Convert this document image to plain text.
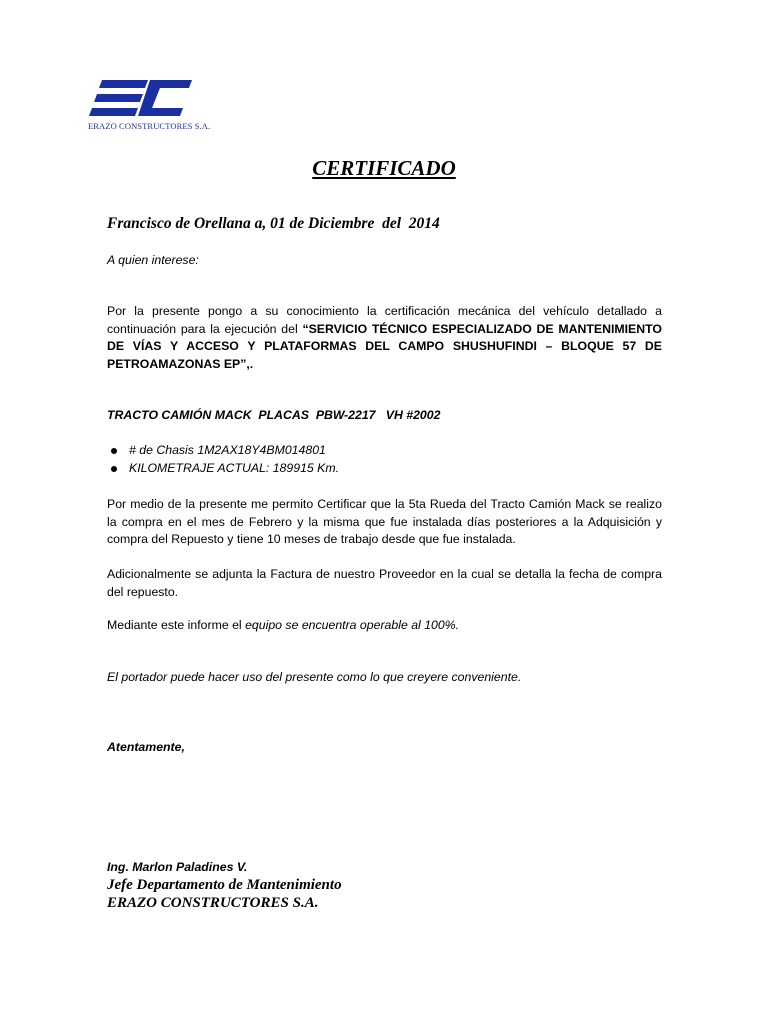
ERAZO CONSTRUCTORES S.A.
CERTIFICADO
Francisco de Orellana a, 01 de Diciembre  del  2014
A quien interese:
Por la presente pongo a su conocimiento la certificación mecánica del vehículo detallado a continuación para la ejecución del “SERVICIO TÉCNICO ESPECIALIZADO DE MANTENIMIENTO DE VÍAS Y ACCESO Y PLATAFORMAS DEL CAMPO SHUSHUFINDI – BLOQUE 57 DE PETROAMAZONAS EP”,.
TRACTO CAMIÓN MACK  PLACAS  PBW-2217   VH #2002
# de Chasis 1M2AX18Y4BM014801
KILOMETRAJE ACTUAL: 189915 Km.
Por medio de la presente me permito Certificar que la 5ta Rueda del Tracto Camión Mack se realizo la compra en el mes de Febrero y la misma que fue instalada días posteriores a la Adquisición y compra del Repuesto y tiene 10 meses de trabajo desde que fue instalada.
Adicionalmente se adjunta la Factura de nuestro Proveedor en la cual se detalla la fecha de compra del repuesto.
Mediante este informe el equipo se encuentra operable al 100%.
El portador puede hacer uso del presente como lo que creyere conveniente.
Atentamente,
Ing. Marlon Paladines V.
Jefe Departamento de Mantenimiento
ERAZO CONSTRUCTORES S.A.
